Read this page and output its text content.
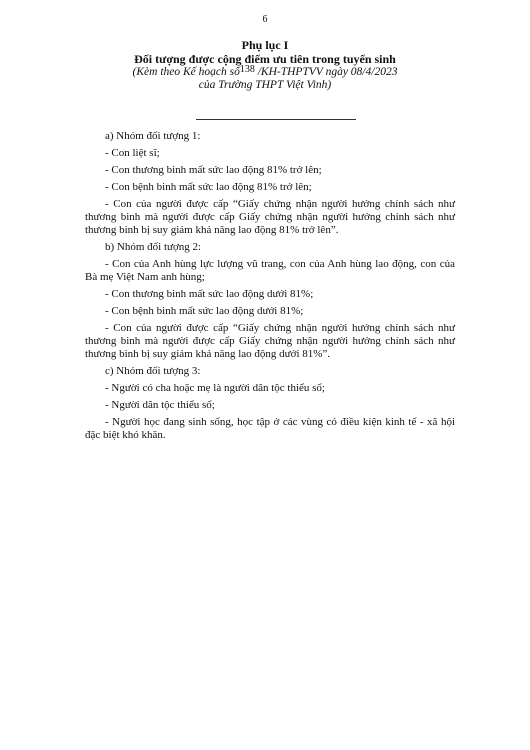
6
Phụ lục I
Đối tượng được cộng điểm ưu tiên trong tuyển sinh
(Kèm theo Kế hoạch số138 /KH-THPTVV ngày 08/4/2023
của Trường THPT Việt Vinh)

a) Nhóm đối tượng 1:

- Con liệt sĩ;

- Con thương binh mất sức lao động 81% trở lên;

- Con bệnh binh mất sức lao động 81% trở lên;

- Con của người được cấp “Giấy chứng nhận người hưởng chính sách như thương binh mà người được cấp Giấy chứng nhận người hưởng chính sách như thương binh bị suy giảm khả năng lao động 81% trở lên”.

b) Nhóm đối tượng 2:

- Con của Anh hùng lực lượng vũ trang, con của Anh hùng lao động, con của Bà mẹ Việt Nam anh hùng;

- Con thương binh mất sức lao động dưới 81%;

- Con bệnh binh mất sức lao động dưới 81%;

- Con của người được cấp “Giấy chứng nhận người hưởng chính sách như thương binh mà người được cấp Giấy chứng nhận người hưởng chính sách như thương binh bị suy giảm khả năng lao động dưới 81%”.

c) Nhóm đối tượng 3:

- Người có cha hoặc mẹ là người dân tộc thiểu số;

- Người dân tộc thiểu số;

- Người học đang sinh sống, học tập ở các vùng có điều kiện kinh tế - xã hội đặc biệt khó khăn.
